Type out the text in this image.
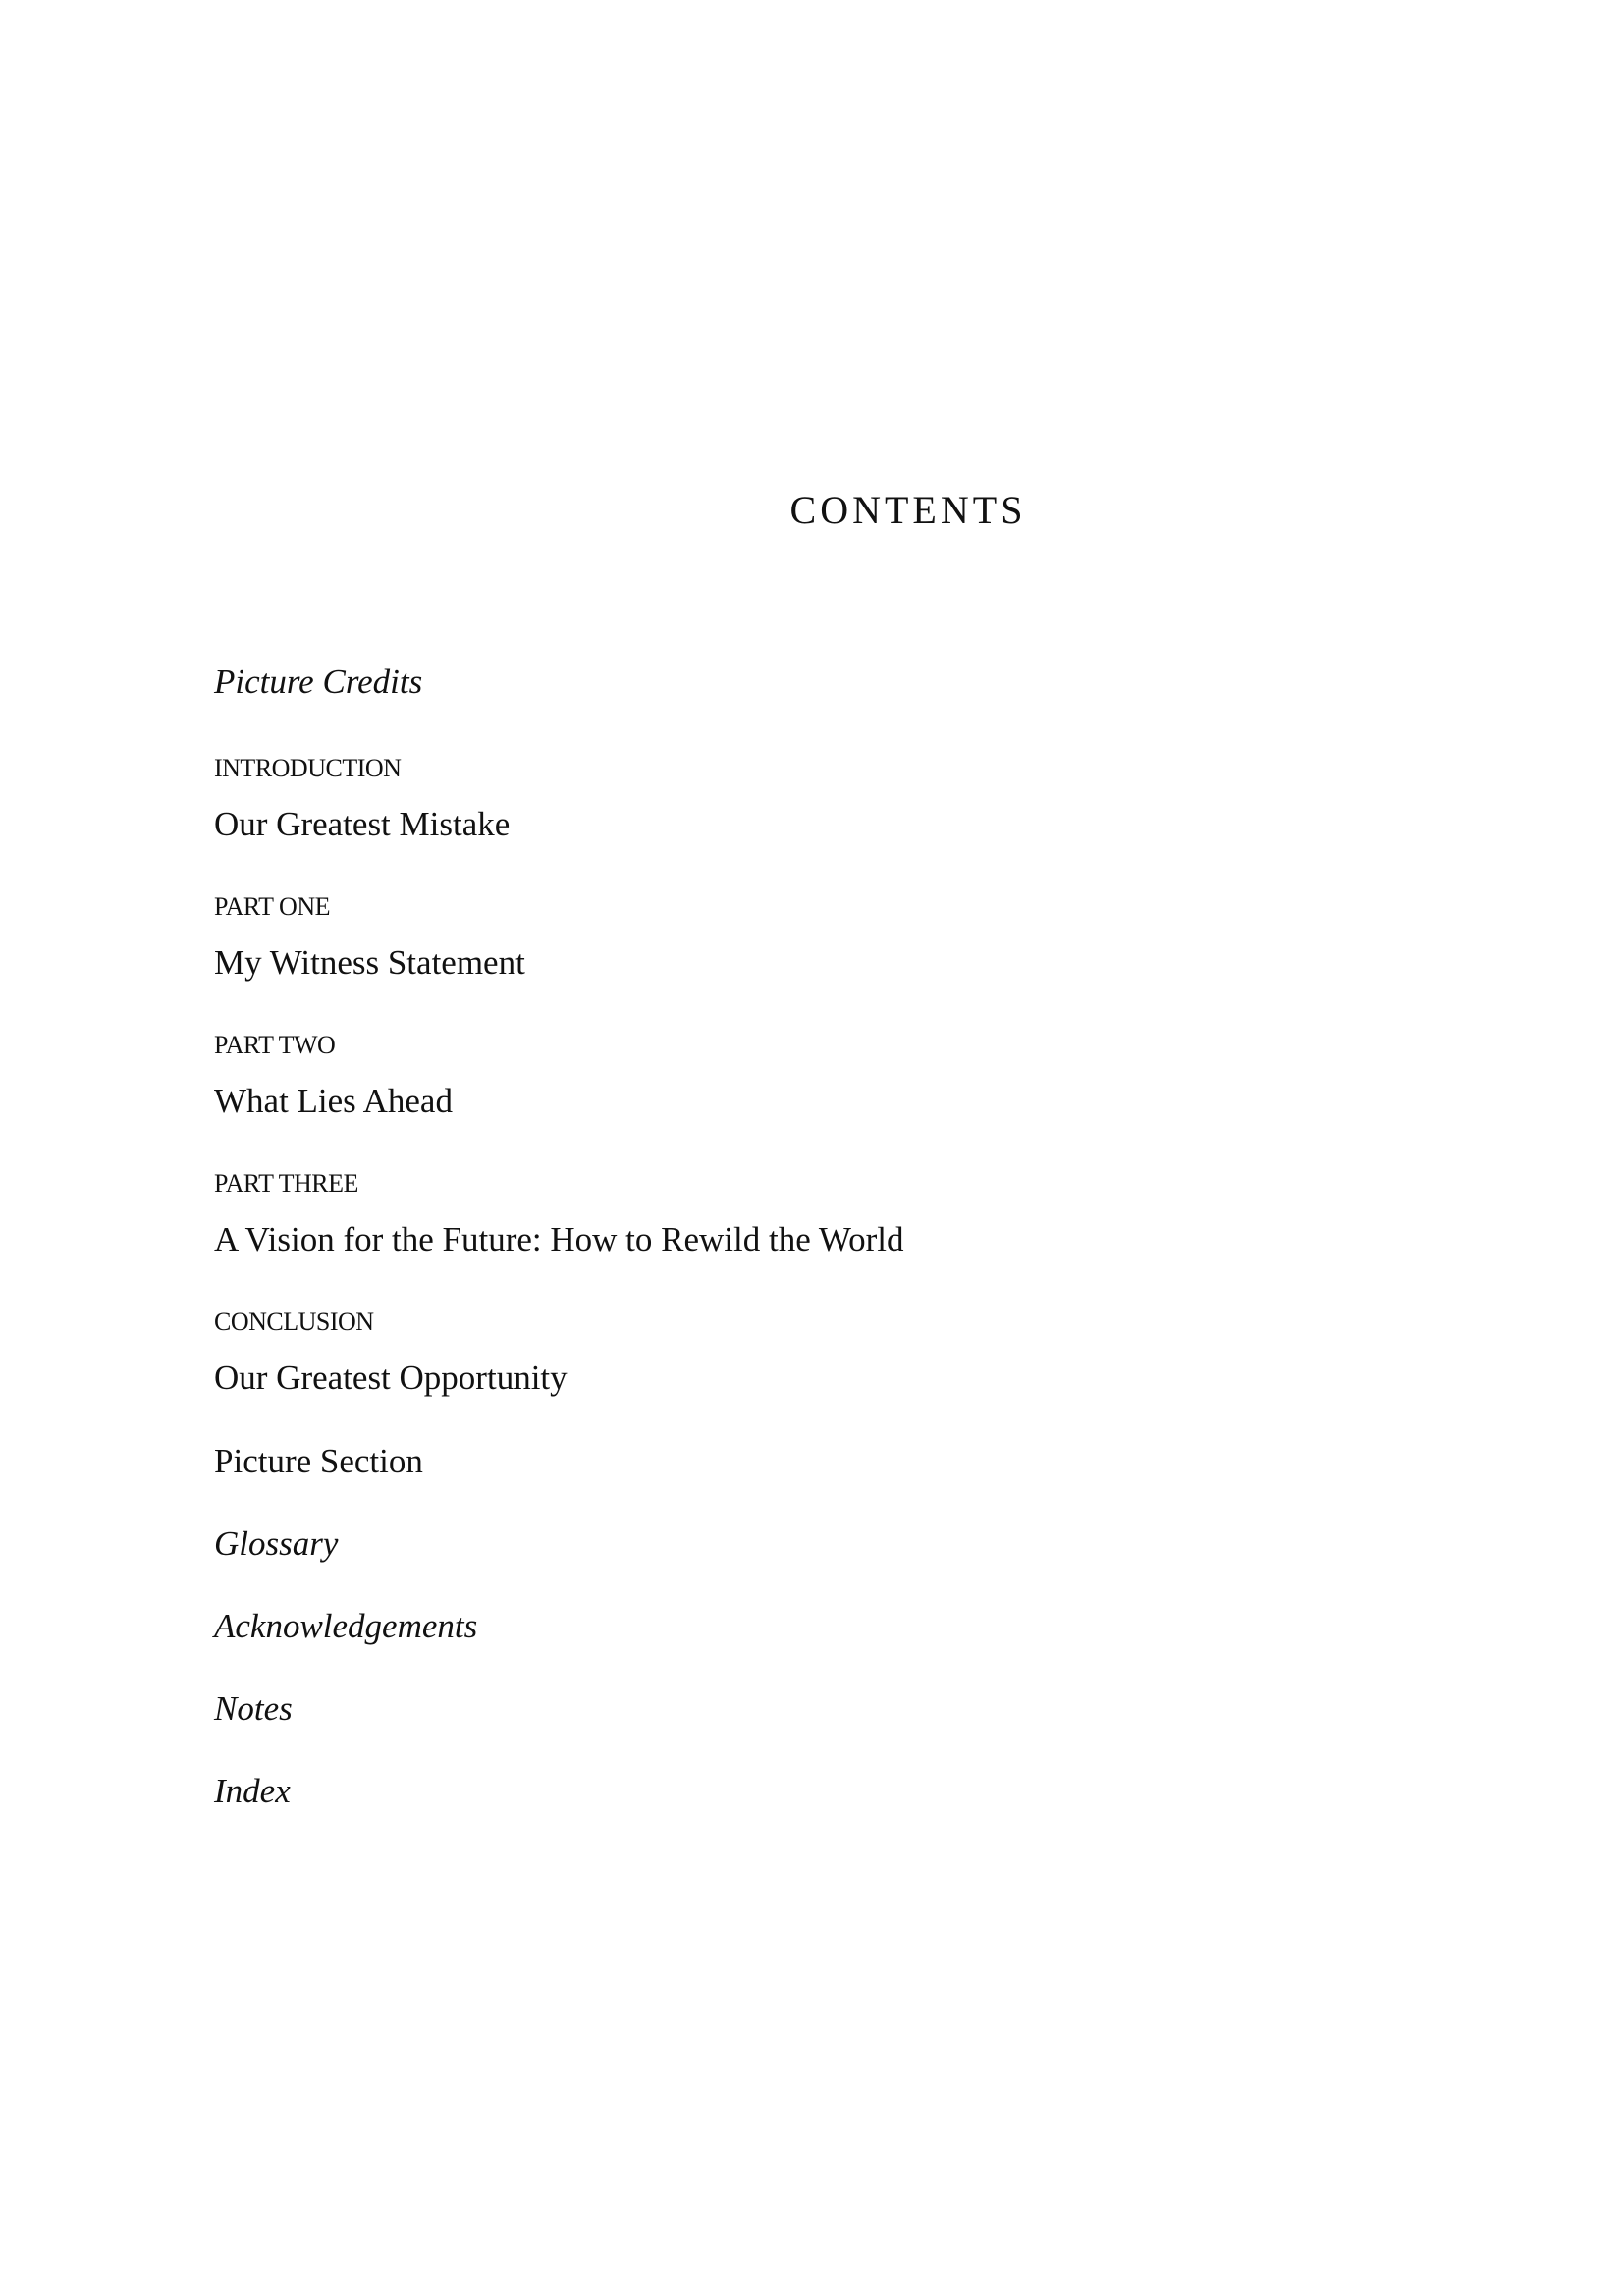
CONTENTS
Picture Credits
INTRODUCTION
Our Greatest Mistake
PART ONE
My Witness Statement
PART TWO
What Lies Ahead
PART THREE
A Vision for the Future: How to Rewild the World
CONCLUSION
Our Greatest Opportunity
Picture Section
Glossary
Acknowledgements
Notes
Index
